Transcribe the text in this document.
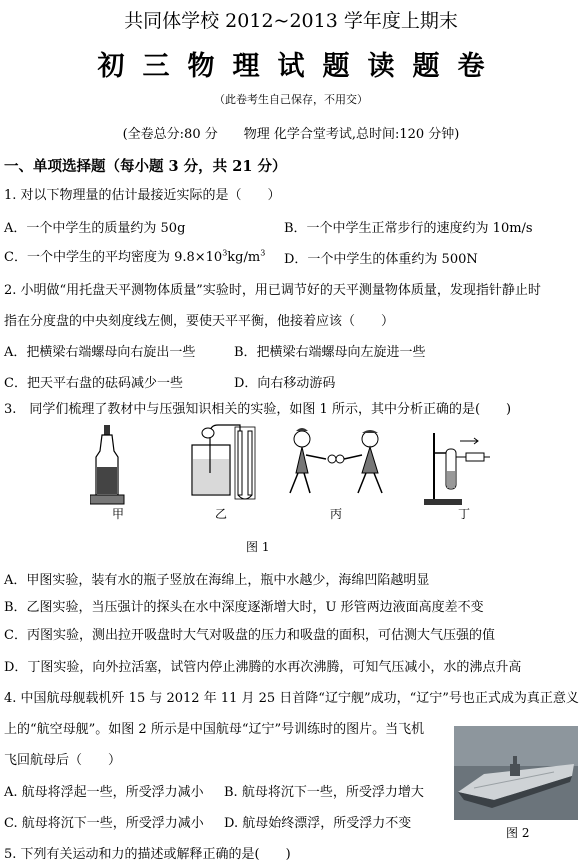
共同体学校 2012~2013 学年度上期末
初三物理试题读题卷
（此卷考生自己保存，不用交）
(全卷总分:80 分　　物理 化学合堂考试,总时间:120 分钟)
一、单项选择题（每小题 3 分，共 21 分）
1. 对以下物理量的估计最接近实际的是（　　）
A．一个中学生的质量约为 50g	B．一个中学生正常步行的速度约为 10m/s
C．一个中学生的平均密度为 $9.8\times 10^3kg/m^3$ D．一个中学生的体重约为 500N
2. 小明做“用托盘天平测物体质量”实验时，用已调节好的天平测量物体质量，发现指针静止时
指在分度盘的中央刻度线左侧，要使天平平衡，他接着应该（　　）
A．把横梁右端螺母向右旋出一些	B．把横梁右端螺母向左旋进一些
C．把天平右盘的砝码减少一些	D．向右移动游码
3.　同学们梳理了教材中与压强知识相关的实验，如图 1 所示，其中分析正确的是(　　)
甲	乙	丙	丁
图 1
A．甲图实验，装有水的瓶子竖放在海绵上，瓶中水越少，海绵凹陷越明显
B．乙图实验，当压强计的探头在水中深度逐渐增大时，U 形管两边液面高度差不变
C．丙图实验，测出拉开吸盘时大气对吸盘的压力和吸盘的面积，可估测大气压强的值
D．丁图实验，向外拉活塞，试管内停止沸腾的水再次沸腾，可知气压减小，水的沸点升高
4. 中国航母舰载机歼 15 与 2012 年 11 月 25 日首降“辽宁舰”成功，“辽宁”号也正式成为真正意义
上的“航空母舰”。如图 2 所示是中国航母“辽宁”号训练时的图片。当飞机
飞回航母后（　　）
A. 航母将浮起一些，所受浮力减小 B. 航母将沉下一些，所受浮力增大
C. 航母将沉下一些，所受浮力减小 D. 航母始终漂浮，所受浮力不变
图 2
5. 下列有关运动和力的描述或解释正确的是(　　)
